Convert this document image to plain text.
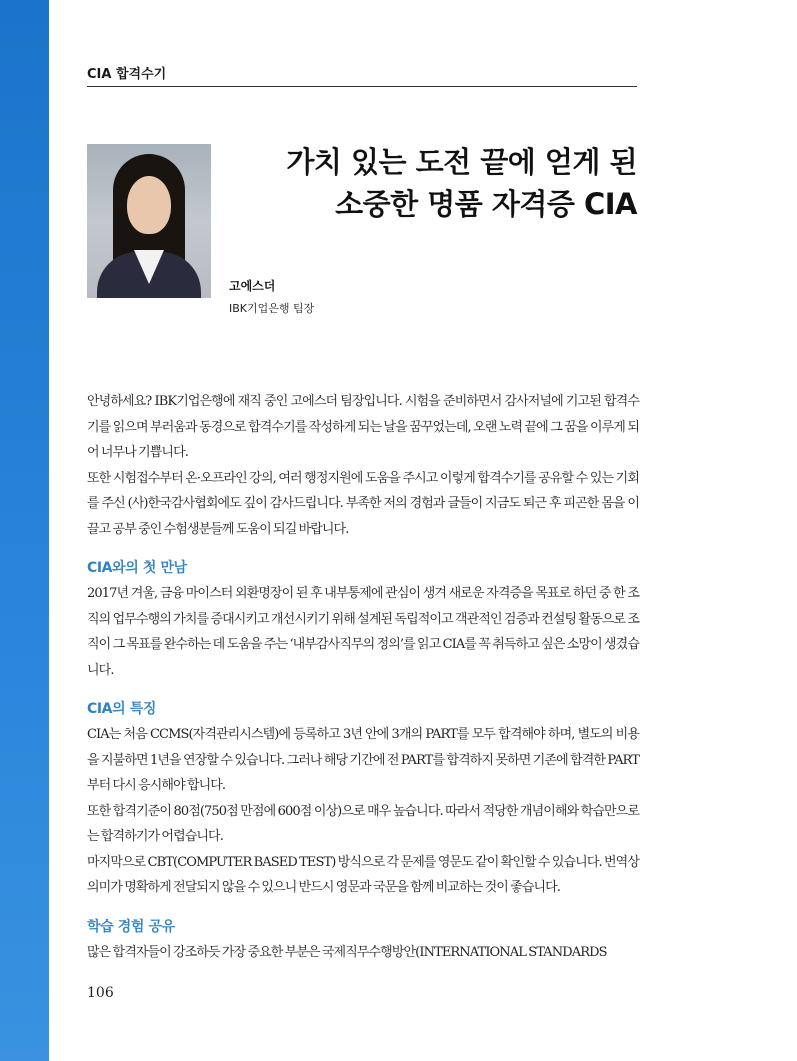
CIA 합격수기
가치 있는 도전 끝에 얻게 된
소중한 명품 자격증 CIA
고에스더
IBK기업은행 팀장

안녕하세요? IBK기업은행에 재직 중인 고에스더 팀장입니다. 시험을 준비하면서 감사저널에 기고된 합격수기를 읽으며 부러움과 동경으로 합격수기를 작성하게 되는 날을 꿈꾸었는데, 오랜 노력 끝에 그 꿈을 이루게 되어 너무나 기쁩니다.

또한 시험접수부터 온·오프라인 강의, 여러 행정지원에 도움을 주시고 이렇게 합격수기를 공유할 수 있는 기회를 주신 (사)한국감사협회에도 깊이 감사드립니다. 부족한 저의 경험과 글들이 지금도 퇴근 후 피곤한 몸을 이끌고 공부 중인 수험생분들께 도움이 되길 바랍니다.

CIA와의 첫 만남

2017년 겨울, 금융 마이스터 외환명장이 된 후 내부통제에 관심이 생겨 새로운 자격증을 목표로 하던 중 한 조직의 업무수행의 가치를 증대시키고 개선시키기 위해 설계된 독립적이고 객관적인 검증과 컨설팅 활동으로 조직이 그 목표를 완수하는 데 도움을 주는 ‘내부감사직무의 정의’를 읽고 CIA를 꼭 취득하고 싶은 소망이 생겼습니다.

CIA의 특징

CIA는 처음 CCMS(자격관리시스템)에 등록하고 3년 안에 3개의 PART를 모두 합격해야 하며, 별도의 비용을 지불하면 1년을 연장할 수 있습니다. 그러나 해당 기간에 전 PART를 합격하지 못하면 기존에 합격한 PART부터 다시 응시해야 합니다.

또한 합격기준이 80점(750점 만점에 600점 이상)으로 매우 높습니다. 따라서 적당한 개념이해와 학습만으로는 합격하기가 어렵습니다.

마지막으로 CBT(COMPUTER BASED TEST) 방식으로 각 문제를 영문도 같이 확인할 수 있습니다. 번역상 의미가 명확하게 전달되지 않을 수 있으니 반드시 영문과 국문을 함께 비교하는 것이 좋습니다.

학습 경험 공유

많은 합격자들이 강조하듯 가장 중요한 부분은 국제직무수행방안(INTERNATIONAL STANDARDS

106
